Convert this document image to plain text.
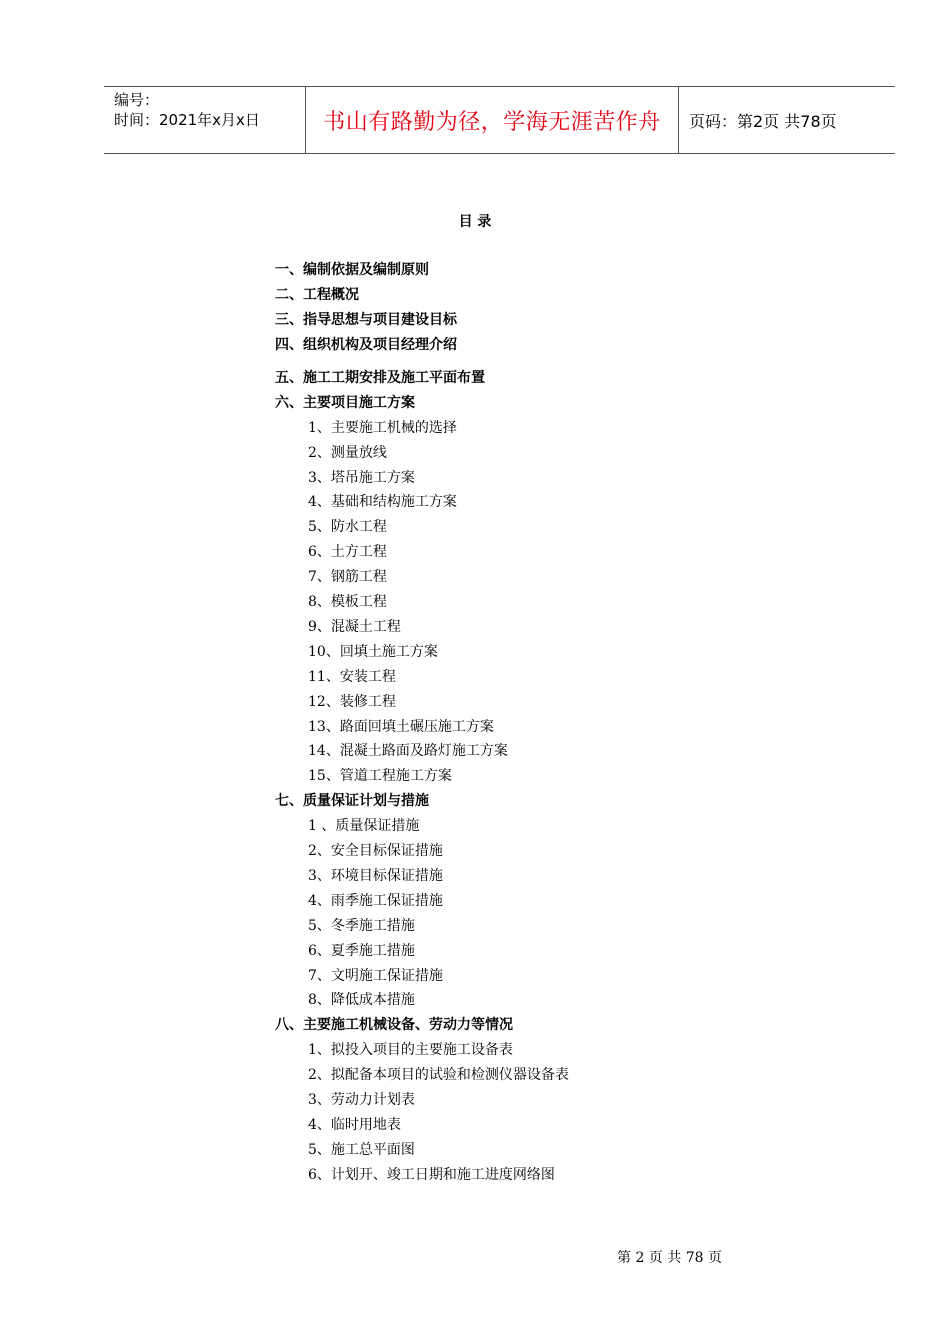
编号：
时间：2021年x月x日	书山有路勤为径，学海无涯苦作舟 页码：第2页 共78页
目 录
一、编制依据及编制原则
二、工程概况
三、指导思想与项目建设目标
四、组织机构及项目经理介绍
五、施工工期安排及施工平面布置
六、主要项目施工方案
1、主要施工机械的选择
2、测量放线
3、塔吊施工方案
4、基础和结构施工方案
5、防水工程
6、土方工程
7、钢筋工程
8、模板工程
9、混凝土工程
10、回填土施工方案
11、安装工程
12、装修工程
13、路面回填土碾压施工方案
14、混凝土路面及路灯施工方案
15、管道工程施工方案
七、质量保证计划与措施
1 、质量保证措施
2、安全目标保证措施
3、环境目标保证措施
4、雨季施工保证措施
5、冬季施工措施
6、夏季施工措施
7、文明施工保证措施
8、降低成本措施
八、主要施工机械设备、劳动力等情况
1、拟投入项目的主要施工设备表
2、拟配备本项目的试验和检测仪器设备表
3、劳动力计划表
4、临时用地表
5、施工总平面图
6、计划开、竣工日期和施工进度网络图
第 2 页 共 78 页
